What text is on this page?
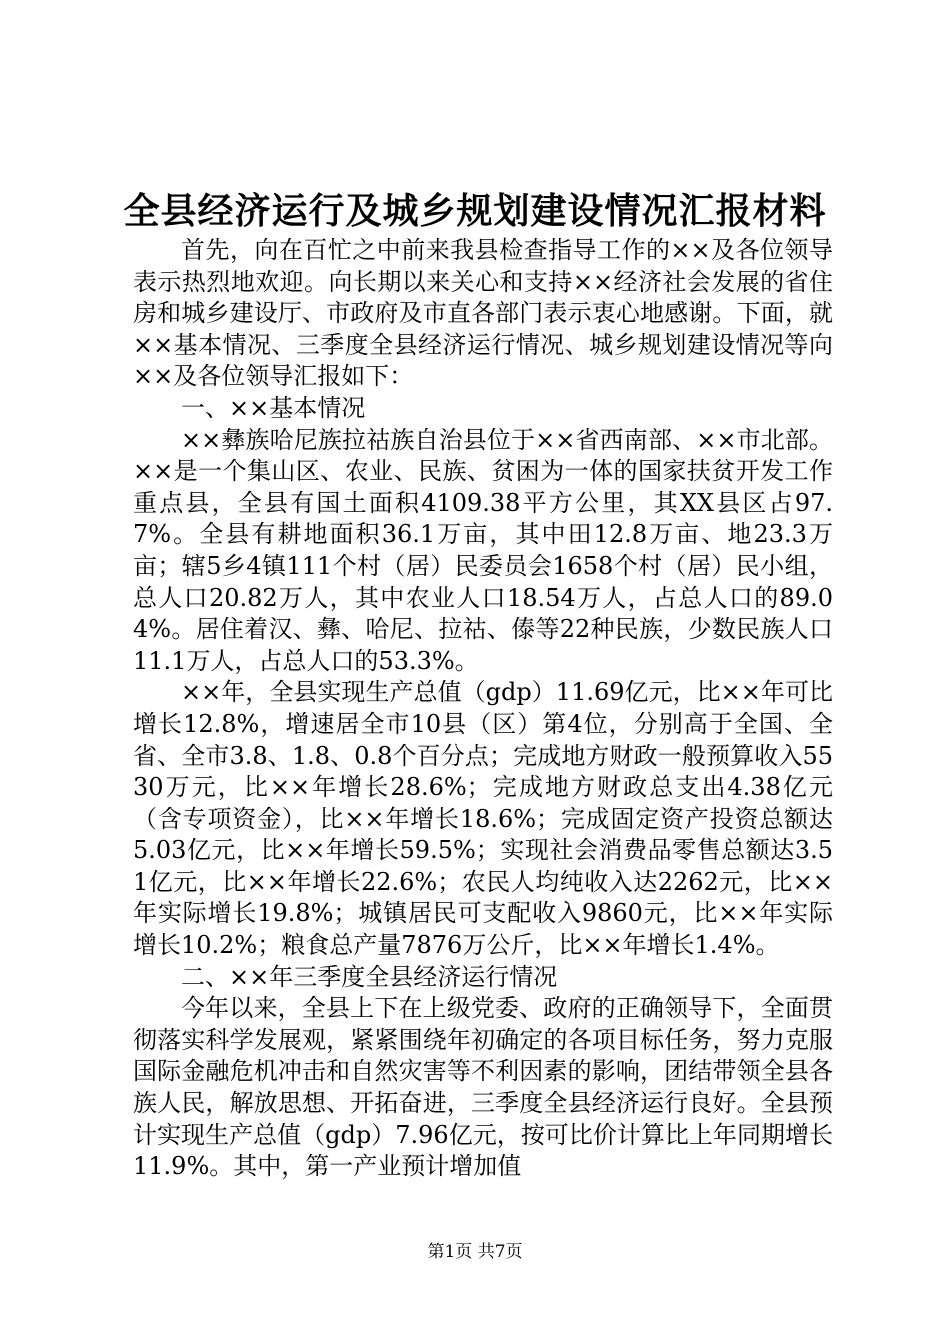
全县经济运行及城乡规划建设情况汇报材料

首先，向在百忙之中前来我县检查指导工作的××及各位领导表示热烈地欢迎。向长期以来关心和支持××经济社会发展的省住房和城乡建设厅、市政府及市直各部门表示衷心地感谢。下面，就××基本情况、三季度全县经济运行情况、城乡规划建设情况等向××及各位领导汇报如下：

一、××基本情况

××彝族哈尼族拉祜族自治县位于××省西南部、××市北部。××是一个集山区、农业、民族、贫困为一体的国家扶贫开发工作重点县，全县有国土面积4109.38平方公里，其XX县区占97.7%。全县有耕地面积36.1万亩，其中田12.8万亩、地23.3万亩；辖5乡4镇111个村（居）民委员会1658个村（居）民小组，总人口20.82万人，其中农业人口18.54万人，占总人口的89.04%。居住着汉、彝、哈尼、拉祜、傣等22种民族，少数民族人口11.1万人，占总人口的53.3%。

××年，全县实现生产总值（gdp）11.69亿元，比××年可比增长12.8%，增速居全市10县（区）第4位，分别高于全国、全省、全市3.8、1.8、0.8个百分点；完成地方财政一般预算收入5530万元，比××年增长28.6%；完成地方财政总支出4.38亿元（含专项资金），比××年增长18.6%；完成固定资产投资总额达5.03亿元，比××年增长59.5%；实现社会消费品零售总额达3.51亿元，比××年增长22.6%；农民人均纯收入达2262元，比××年实际增长19.8%；城镇居民可支配收入9860元，比××年实际增长10.2%；粮食总产量7876万公斤，比××年增长1.4%。

二、××年三季度全县经济运行情况

今年以来，全县上下在上级党委、政府的正确领导下，全面贯彻落实科学发展观，紧紧围绕年初确定的各项目标任务，努力克服国际金融危机冲击和自然灾害等不利因素的影响，团结带领全县各族人民，解放思想、开拓奋进，三季度全县经济运行良好。全县预计实现生产总值（gdp）7.96亿元，按可比价计算比上年同期增长11.9%。其中，第一产业预计增加值

第1页 共7页
